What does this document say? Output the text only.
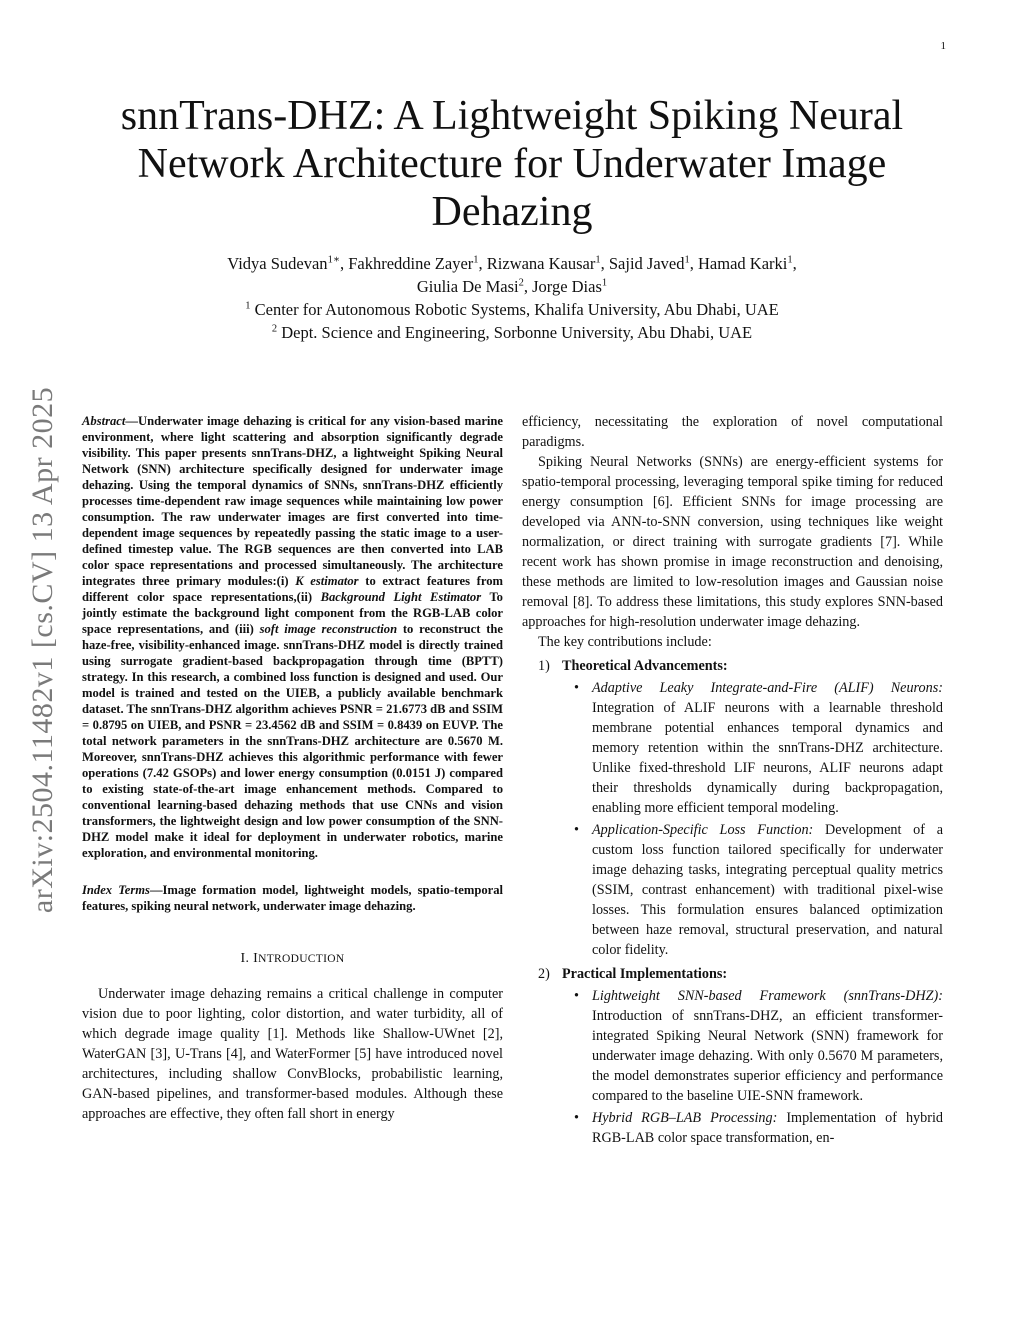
1
arXiv:2504.11482v1 [cs.CV] 13 Apr 2025
snnTrans-DHZ: A Lightweight Spiking Neural
Network Architecture for Underwater Image
Dehazing
Vidya Sudevan$^{1∗}$, Fakhreddine Zayer$^1$, Rizwana Kausar$^1$, Sajid Javed$^1$, Hamad Karki$^1$,
Giulia De Masi$^2$, Jorge Dias$^1$
$^1$ Center for Autonomous Robotic Systems, Khalifa University, Abu Dhabi, UAE
$^2$ Dept. Science and Engineering, Sorbonne University, Abu Dhabi, UAE

Abstract—Underwater image dehazing is critical for any vision-based marine environment, where light scattering and absorption significantly degrade visibility. This paper presents snnTrans-DHZ, a lightweight Spiking Neural Network (SNN) architecture specifically designed for underwater image dehazing. Using the temporal dynamics of SNNs, snnTrans-DHZ efficiently processes time-dependent raw image sequences while maintaining low power consumption. The raw underwater images are first converted into time-dependent image sequences by repeatedly passing the static image to a user-defined timestep value. The RGB sequences are then converted into LAB color space representations and processed simultaneously. The architecture integrates three primary modules:(i) K estimator to extract features from different color space representations,(ii) Background Light Estimator To jointly estimate the background light component from the RGB-LAB color space representations, and (iii) soft image reconstruction to reconstruct the haze-free, visibility-enhanced image. snnTrans-DHZ model is directly trained using surrogate gradient-based backpropagation through time (BPTT) strategy. In this research, a combined loss function is designed and used. Our model is trained and tested on the UIEB, a publicly available benchmark dataset. The snnTrans-DHZ algorithm achieves PSNR = 21.6773 dB and SSIM = 0.8795 on UIEB, and PSNR = 23.4562 dB and SSIM = 0.8439 on EUVP. The total network parameters in the snnTrans-DHZ architecture are 0.5670 M. Moreover, snnTrans-DHZ achieves this algorithmic performance with fewer operations (7.42 GSOPs) and lower energy consumption (0.0151 J) compared to existing state-of-the-art image enhancement methods. Compared to conventional learning-based dehazing methods that use CNNs and vision transformers, the lightweight design and low power consumption of the SNN-DHZ model make it ideal for deployment in underwater robotics, marine exploration, and environmental monitoring.

Index Terms—Image formation model, lightweight models, spatio-temporal features, spiking neural network, underwater image dehazing.

I. INTRODUCTION

Underwater image dehazing remains a critical challenge in computer vision due to poor lighting, color distortion, and water turbidity, all of which degrade image quality [1]. Methods like Shallow-UWnet [2], WaterGAN [3], U-Trans [4], and WaterFormer [5] have introduced novel architectures, including shallow ConvBlocks, probabilistic learning, GAN-based pipelines, and transformer-based modules. Although these approaches are effective, they often fall short in energy

efficiency, necessitating the exploration of novel computational paradigms.

Spiking Neural Networks (SNNs) are energy-efficient systems for spatio-temporal processing, leveraging temporal spike timing for reduced energy consumption [6]. Efficient SNNs for image processing are developed via ANN-to-SNN conversion, using techniques like weight normalization, or direct training with surrogate gradients [7]. While recent work has shown promise in image reconstruction and denoising, these methods are limited to low-resolution images and Gaussian noise removal [8]. To address these limitations, this study explores SNN-based approaches for high-resolution underwater image dehazing.

The key contributions include:

1) Theoretical Advancements:
• Adaptive Leaky Integrate-and-Fire (ALIF) Neurons: Integration of ALIF neurons with a learnable threshold membrane potential enhances temporal dynamics and memory retention within the snnTrans-DHZ architecture. Unlike fixed-threshold LIF neurons, ALIF neurons adapt their thresholds dynamically during backpropagation, enabling more efficient temporal modeling.
• Application-Specific Loss Function: Development of a custom loss function tailored specifically for underwater image dehazing tasks, integrating perceptual quality metrics (SSIM, contrast enhancement) with traditional pixel-wise losses. This formulation ensures balanced optimization between haze removal, structural preservation, and natural color fidelity.
2) Practical Implementations:
• Lightweight SNN-based Framework (snnTrans-DHZ): Introduction of snnTrans-DHZ, an efficient transformer-integrated Spiking Neural Network (SNN) framework for underwater image dehazing. With only 0.5670 M parameters, the model demonstrates superior efficiency and performance compared to the baseline UIE-SNN framework.
• Hybrid RGB–LAB Processing: Implementation of hybrid RGB-LAB color space transformation, en-
